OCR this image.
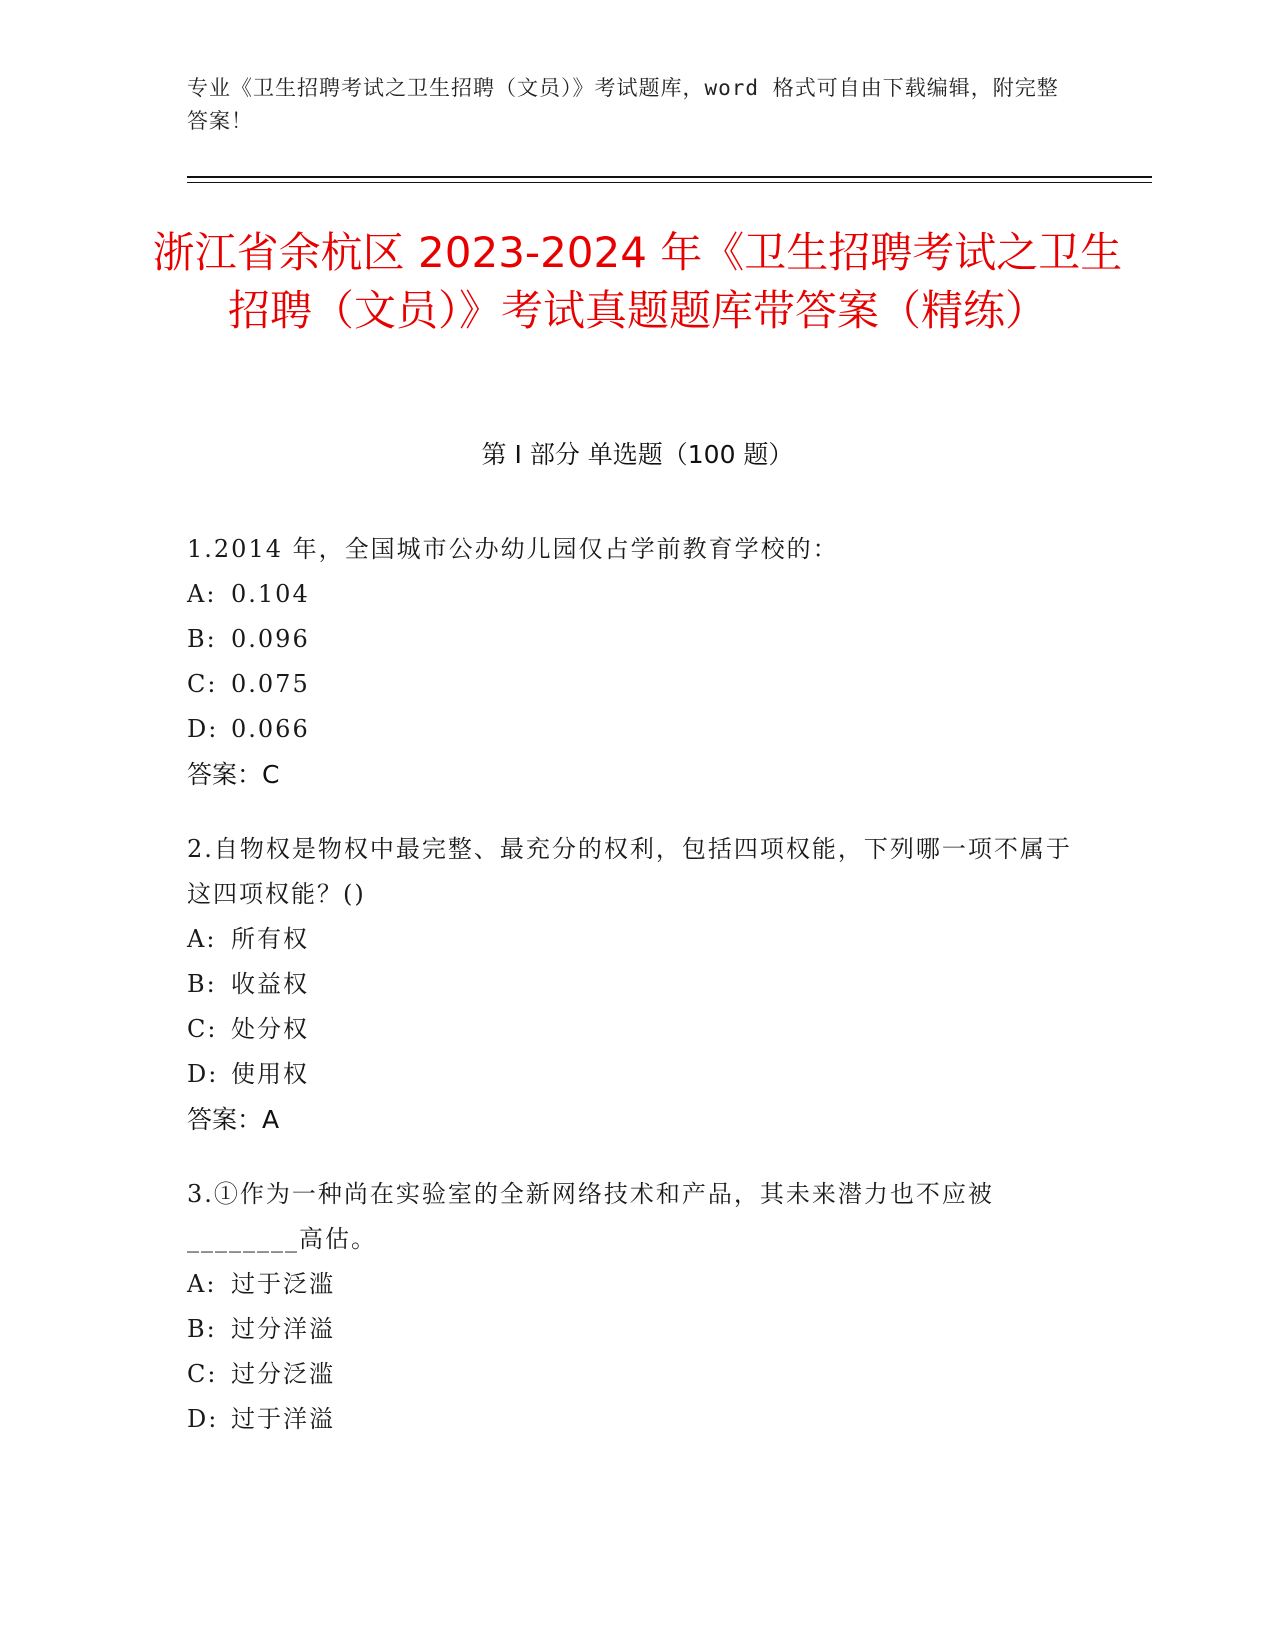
专业《卫生招聘考试之卫生招聘（文员）》考试题库，word 格式可自由下载编辑，附完整答案！
浙江省余杭区 2023-2024 年《卫生招聘考试之卫生招聘（文员）》考试真题题库带答案（精练）
第 I 部分 单选题（100 题）
1.2014 年，全国城市公办幼儿园仅占学前教育学校的：
A: 0.104
B: 0.096
C: 0.075
D: 0.066
答案：C
2.自物权是物权中最完整、最充分的权利，包括四项权能，下列哪一项不属于这四项权能？()
A: 所有权
B: 收益权
C: 处分权
D: 使用权
答案：A
3.①作为一种尚在实验室的全新网络技术和产品，其未来潜力也不应被________高估。
A: 过于泛滥
B: 过分洋溢
C: 过分泛滥
D: 过于洋溢
